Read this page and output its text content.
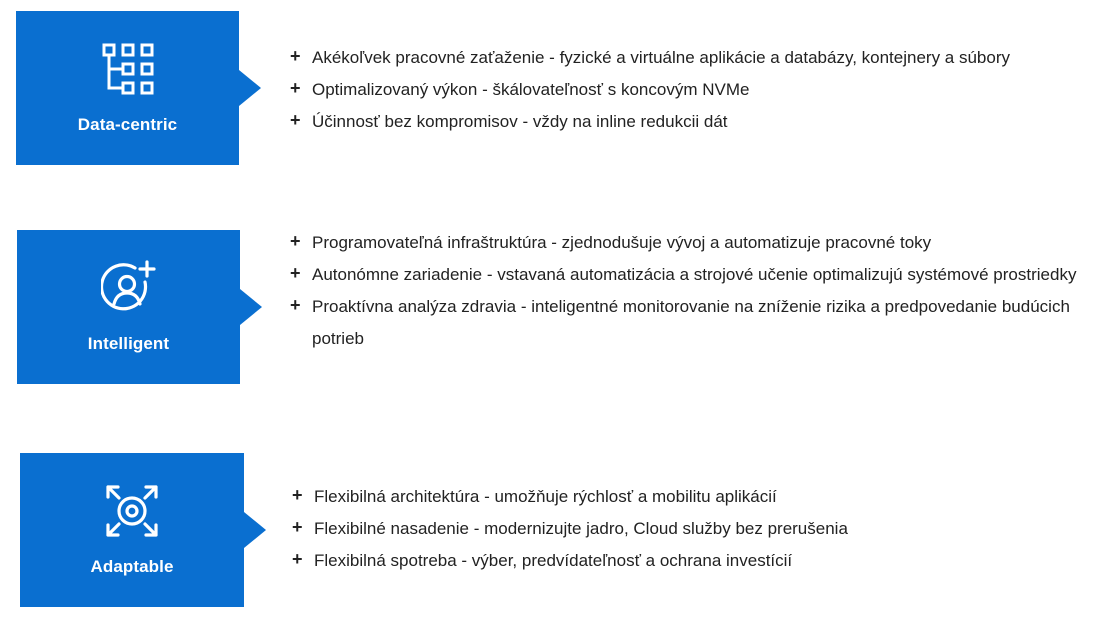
Data-centric
+ Akékoľvek pracovné zaťaženie - fyzické a virtuálne aplikácie a databázy, kontejnery a súbory
+ Optimalizovaný výkon - škálovateľnosť s koncovým NVMe
+ Účinnosť bez kompromisov - vždy na inline redukcii dát
Intelligent
+ Programovateľná infraštruktúra - zjednodušuje vývoj a automatizuje pracovné toky
+ Autonómne zariadenie - vstavaná automatizácia a strojové učenie optimalizujú systémové prostriedky
+ Proaktívna analýza zdravia - inteligentné monitorovanie na zníženie rizika a predpovedanie budúcich potrieb
Adaptable
+ Flexibilná architektúra - umožňuje rýchlosť a mobilitu aplikácií
+ Flexibilné nasadenie - modernizujte jadro, Cloud služby bez prerušenia
+ Flexibilná spotreba - výber, predvídateľnosť a ochrana investícií
